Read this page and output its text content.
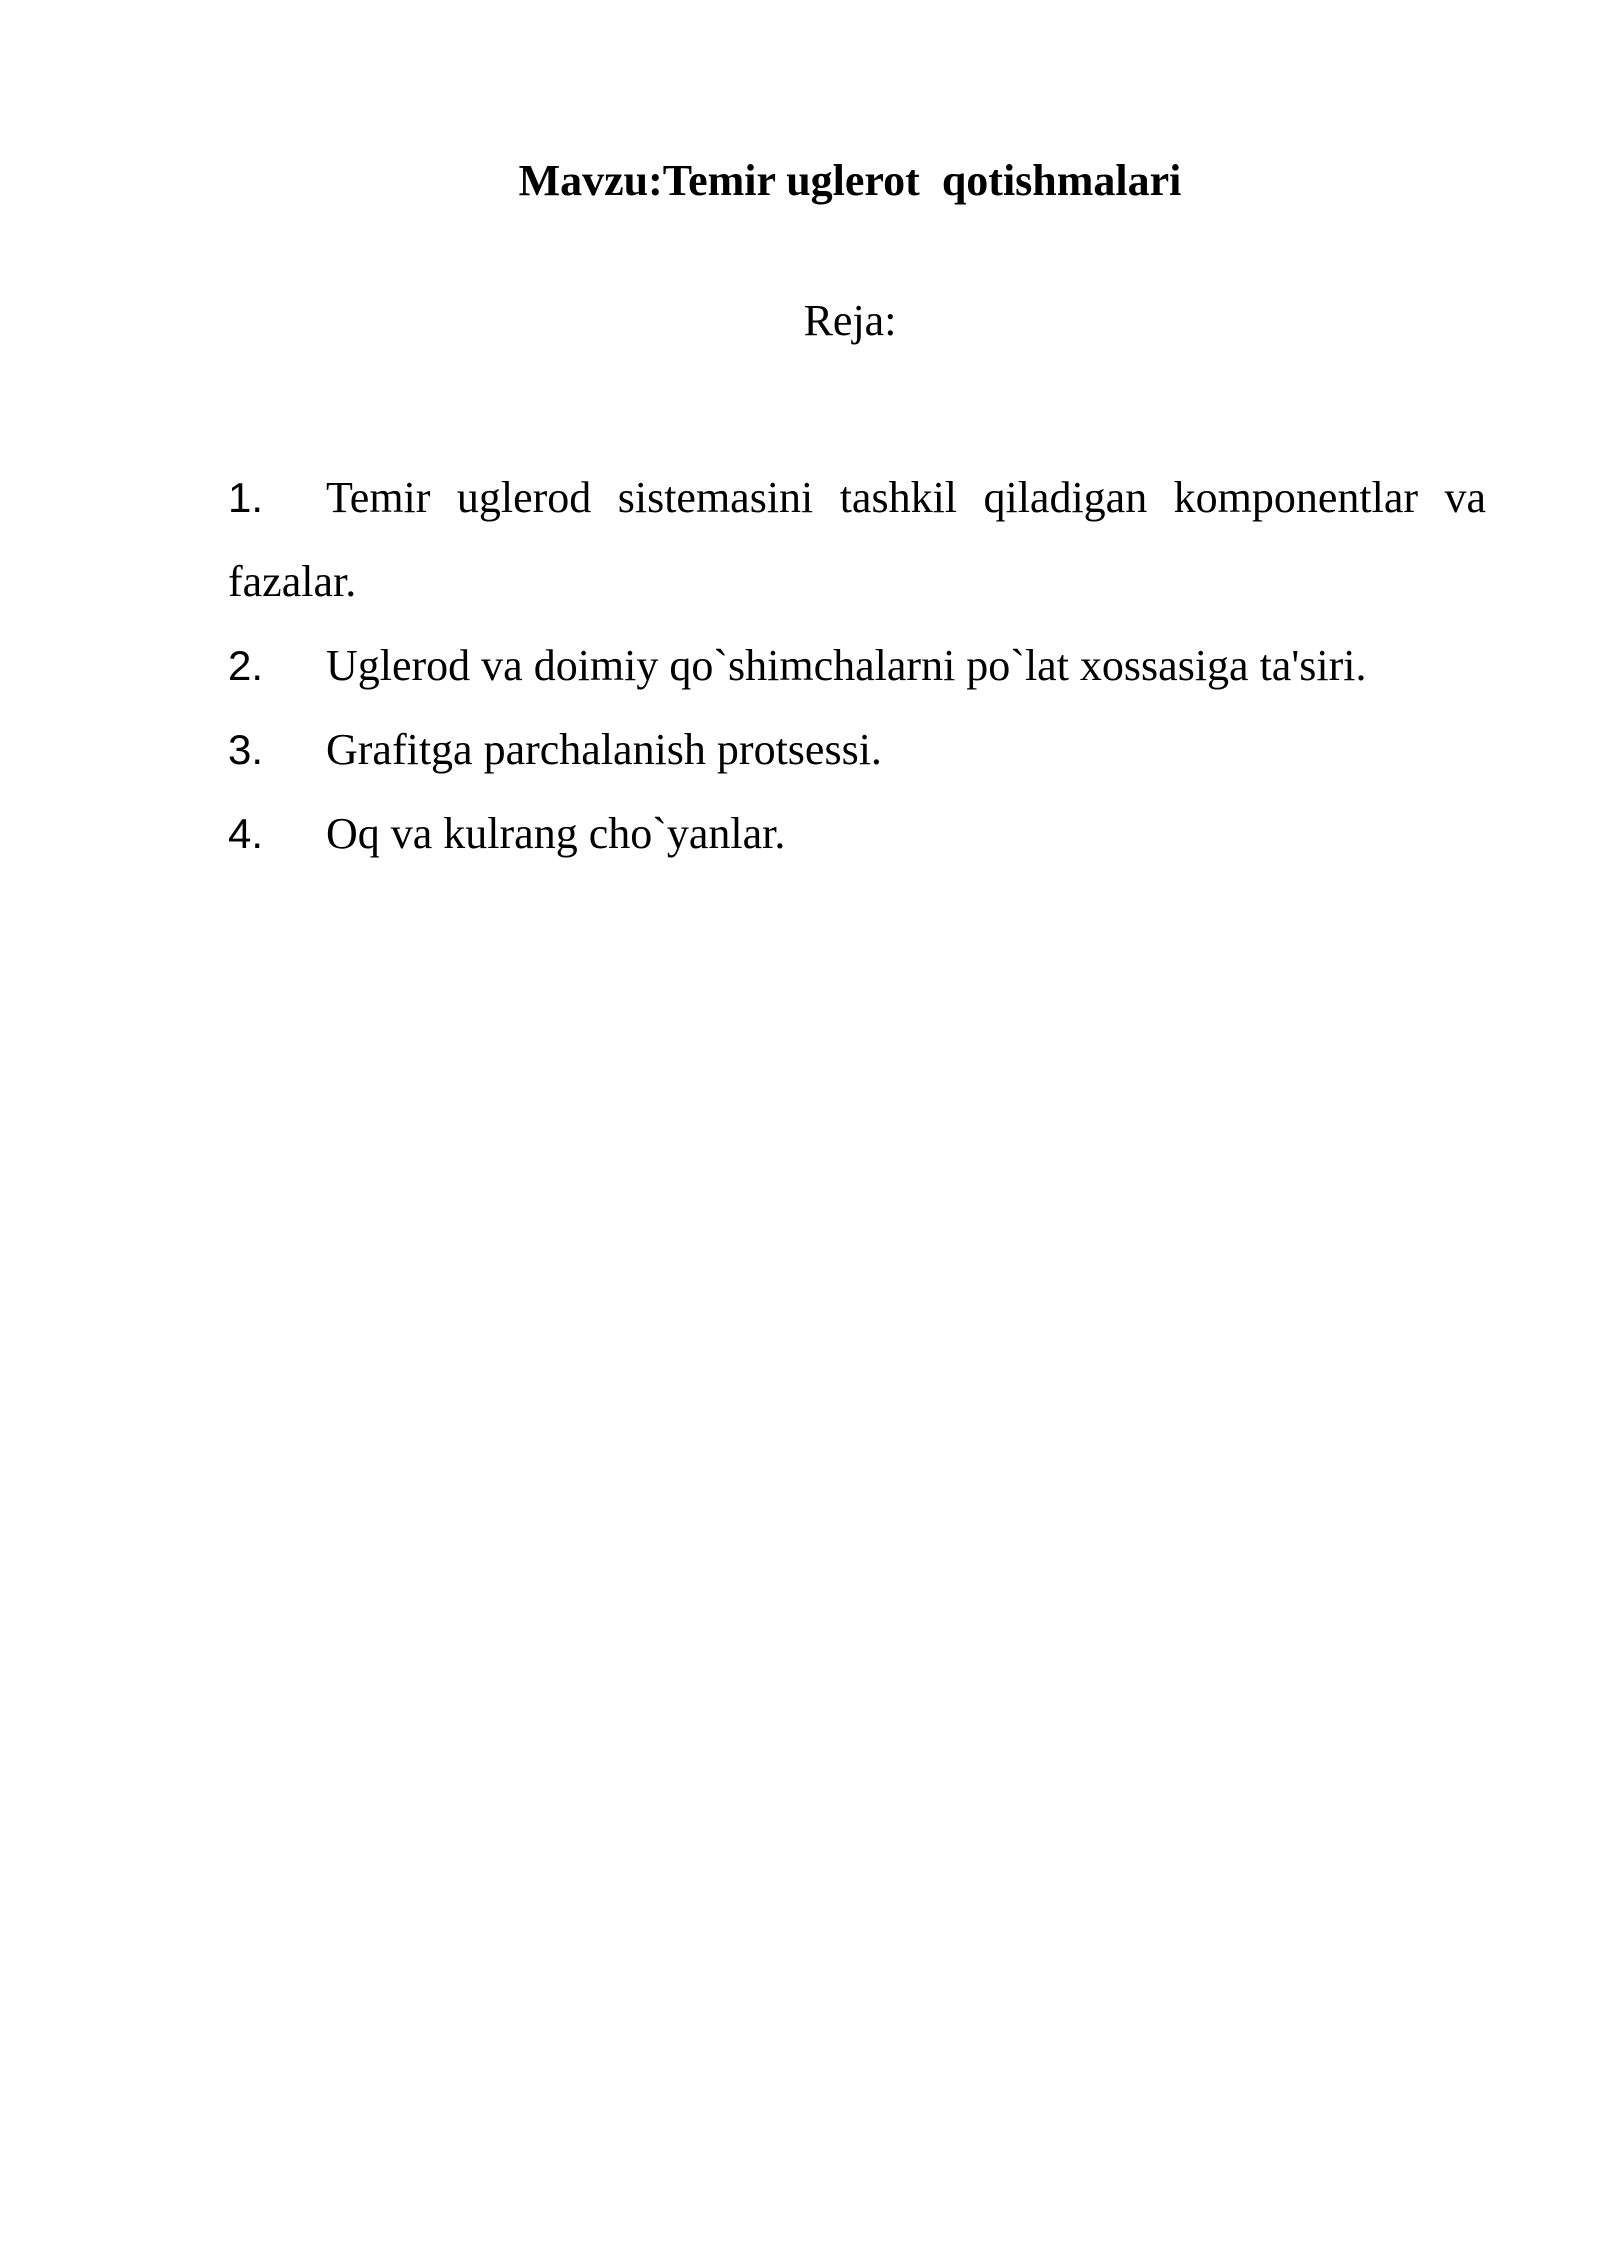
Mavzu:Temir uglerot  qotishmalari
Reja:
1. Temir uglerod sistemasini tashkil qiladigan komponentlar va fazalar.
2. Uglerod va doimiy qo`shimchalarni po`lat xossasiga ta'siri.
3. Grafitga parchalanish protsessi.
4. Oq va kulrang cho`yanlar.
